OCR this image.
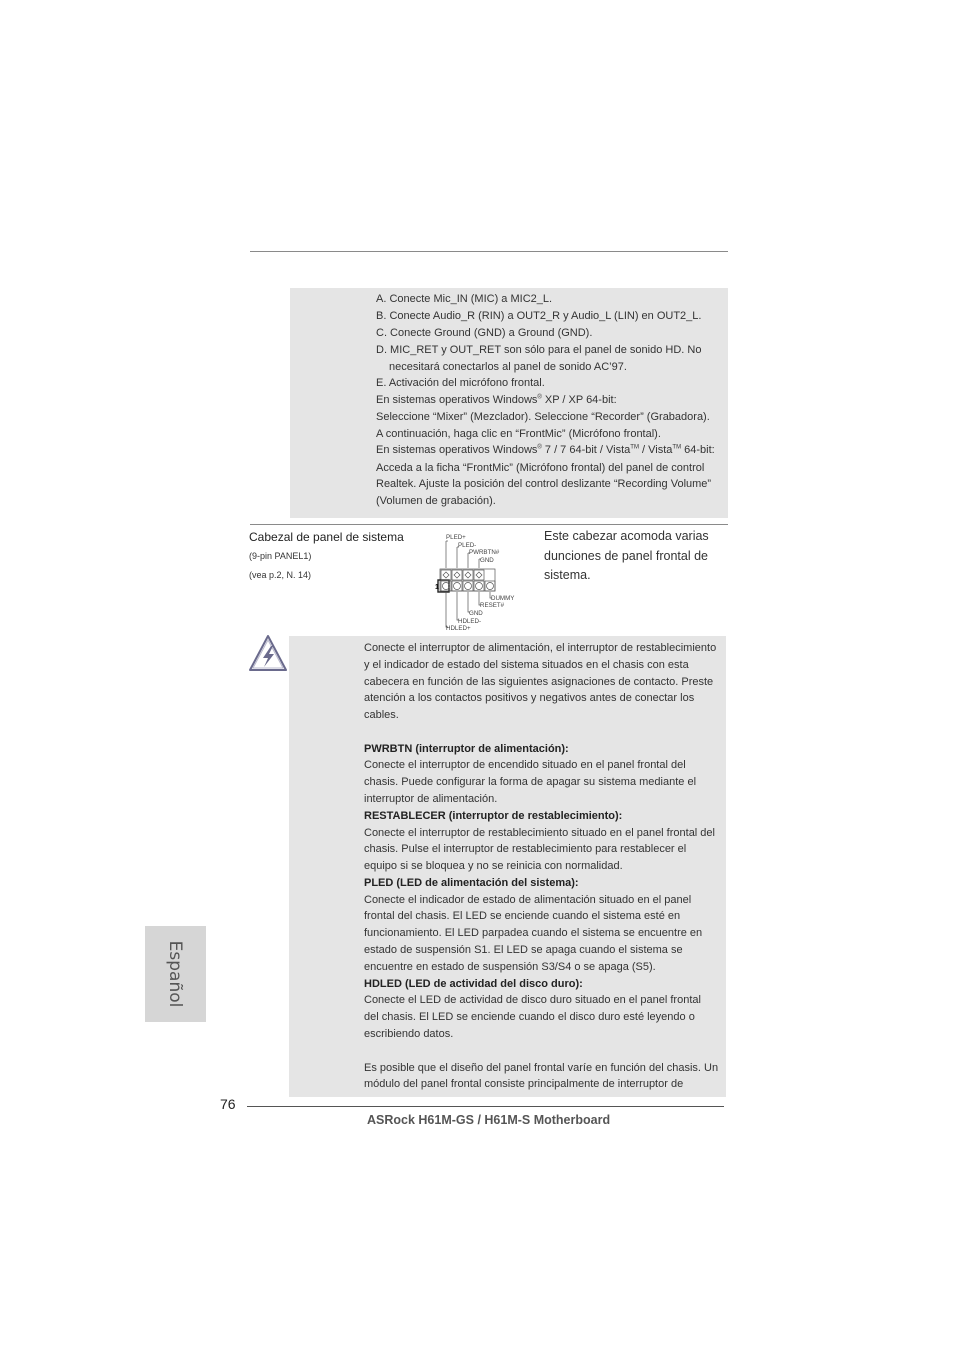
A. Conecte Mic_IN (MIC) a MIC2_L.
B. Conecte Audio_R (RIN) a OUT2_R y Audio_L (LIN) en OUT2_L.
C. Conecte Ground (GND) a Ground (GND).
D. MIC_RET y OUT_RET son sólo para el panel de sonido HD. No
necesitará conectarlos al panel de sonido AC’97.
E. Activación del micrófono frontal.
En sistemas operativos Windows® XP / XP 64-bit:
Seleccione “Mixer” (Mezclador). Seleccione “Recorder” (Grabadora).
A continuación, haga clic en “FrontMic” (Micrófono frontal).
En sistemas operativos Windows® 7 / 7 64-bit / Vista™ / Vista™ 64-bit:
Acceda a la ficha “FrontMic” (Micrófono frontal) del panel de control
Realtek. Ajuste la posición del control deslizante “Recording Volume”
(Volumen de grabación).
Cabezal de panel de sistema
(9-pin PANEL1)
(vea p.2, N. 14)
Este cabezar acomoda varias
dunciones de panel frontal de
sistema.
PLED+
PLED-
PWRBTN#
GND
DUMMY
RESET#
GND
HDLED-
HDLED+
1
Conecte el interruptor de alimentación, el interruptor de restablecimiento
y el indicador de estado del sistema situados en el chasis con esta
cabecera en función de las siguientes asignaciones de contacto. Preste
atención a los contactos positivos y negativos antes de conectar los
cables.
PWRBTN (interruptor de alimentación):
Conecte el interruptor de encendido situado en el panel frontal del
chasis. Puede configurar la forma de apagar su sistema mediante el
interruptor de alimentación.
RESTABLECER (interruptor de restablecimiento):
Conecte el interruptor de restablecimiento situado en el panel frontal del
chasis. Pulse el interruptor de restablecimiento para restablecer el
equipo si se bloquea y no se reinicia con normalidad.
PLED (LED de alimentación del sistema):
Conecte el indicador de estado de alimentación situado en el panel
frontal del chasis. El LED se enciende cuando el sistema esté en
funcionamiento. El LED parpadea cuando el sistema se encuentre en
estado de suspensión S1. El LED se apaga cuando el sistema se
encuentre en estado de suspensión S3/S4 o se apaga (S5).
HDLED (LED de actividad del disco duro):
Conecte el LED de actividad de disco duro situado en el panel frontal
del chasis. El LED se enciende cuando el disco duro esté leyendo o
escribiendo datos.
Es posible que el diseño del panel frontal varíe en función del chasis. Un
módulo del panel frontal consiste principalmente de interruptor de
Español
76
ASRock H61M-GS / H61M-S Motherboard
